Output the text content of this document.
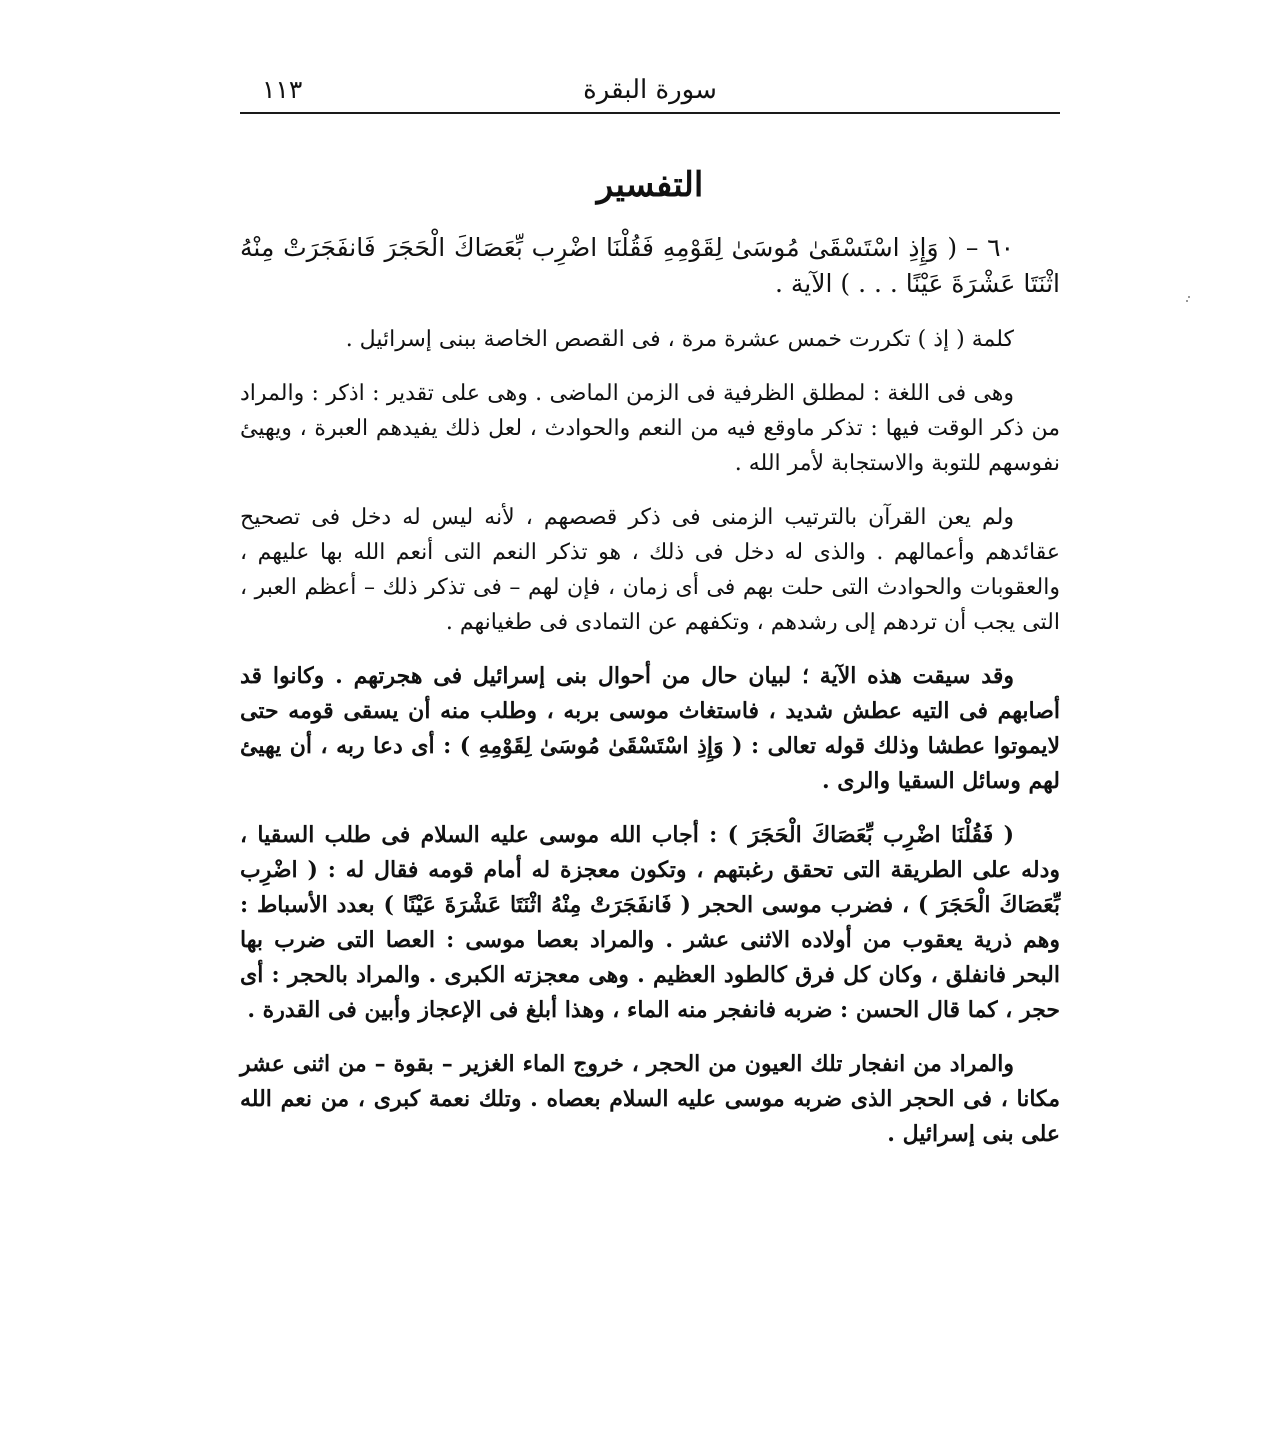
سورة البقرة
١١٣
التفسير

٦٠ – ( وَإِذِ اسْتَسْقَىٰ مُوسَىٰ لِقَوْمِهِ فَقُلْنَا اضْرِب بِّعَصَاكَ الْحَجَرَ فَانفَجَرَتْ مِنْهُ اثْنَتَا عَشْرَةَ عَيْنًا . . . ) الآية .

كلمة ( إذ ) تكررت خمس عشرة مرة ، فى القصص الخاصة ببنى إسرائيل .

وهى فى اللغة : لمطلق الظرفية فى الزمن الماضى . وهى على تقدير : اذكر : والمراد من ذكر الوقت فيها : تذكر ماوقع فيه من النعم والحوادث ، لعل ذلك يفيدهم العبرة ، ويهيئ نفوسهم للتوبة والاستجابة لأمر الله .

ولم يعن القرآن بالترتيب الزمنى فى ذكر قصصهم ، لأنه ليس له دخل فى تصحيح عقائدهم وأعمالهم . والذى له دخل فى ذلك ، هو تذكر النعم التى أنعم الله بها عليهم ، والعقوبات والحوادث التى حلت بهم فى أى زمان ، فإن لهم – فى تذكر ذلك – أعظم العبر ، التى يجب أن تردهم إلى رشدهم ، وتكفهم عن التمادى فى طغيانهم .

وقد سيقت هذه الآية ؛ لبيان حال من أحوال بنى إسرائيل فى هجرتهم . وكانوا قد أصابهم فى التيه عطش شديد ، فاستغاث موسى بربه ، وطلب منه أن يسقى قومه حتى لايموتوا عطشا وذلك قوله تعالى : ( وَإِذِ اسْتَسْقَىٰ مُوسَىٰ لِقَوْمِهِ ) : أى دعا ربه ، أن يهيئ لهم وسائل السقيا والرى .

( فَقُلْنَا اضْرِب بِّعَصَاكَ الْحَجَرَ ) : أجاب الله موسى عليه السلام فى طلب السقيا ، ودله على الطريقة التى تحقق رغبتهم ، وتكون معجزة له أمام قومه فقال له : ( اضْرِب بِّعَصَاكَ الْحَجَرَ ) ، فضرب موسى الحجر ( فَانفَجَرَتْ مِنْهُ اثْنَتَا عَشْرَةَ عَيْنًا ) بعدد الأسباط : وهم ذرية يعقوب من أولاده الاثنى عشر . والمراد بعصا موسى : العصا التى ضرب بها البحر فانفلق ، وكان كل فرق كالطود العظيم . وهى معجزته الكبرى . والمراد بالحجر : أى حجر ، كما قال الحسن : ضربه فانفجر منه الماء ، وهذا أبلغ فى الإعجاز وأبين فى القدرة .

والمراد من انفجار تلك العيون من الحجر ، خروج الماء الغزير – بقوة – من اثنى عشر مكانا ، فى الحجر الذى ضربه موسى عليه السلام بعصاه . وتلك نعمة كبرى ، من نعم الله على بنى إسرائيل .
